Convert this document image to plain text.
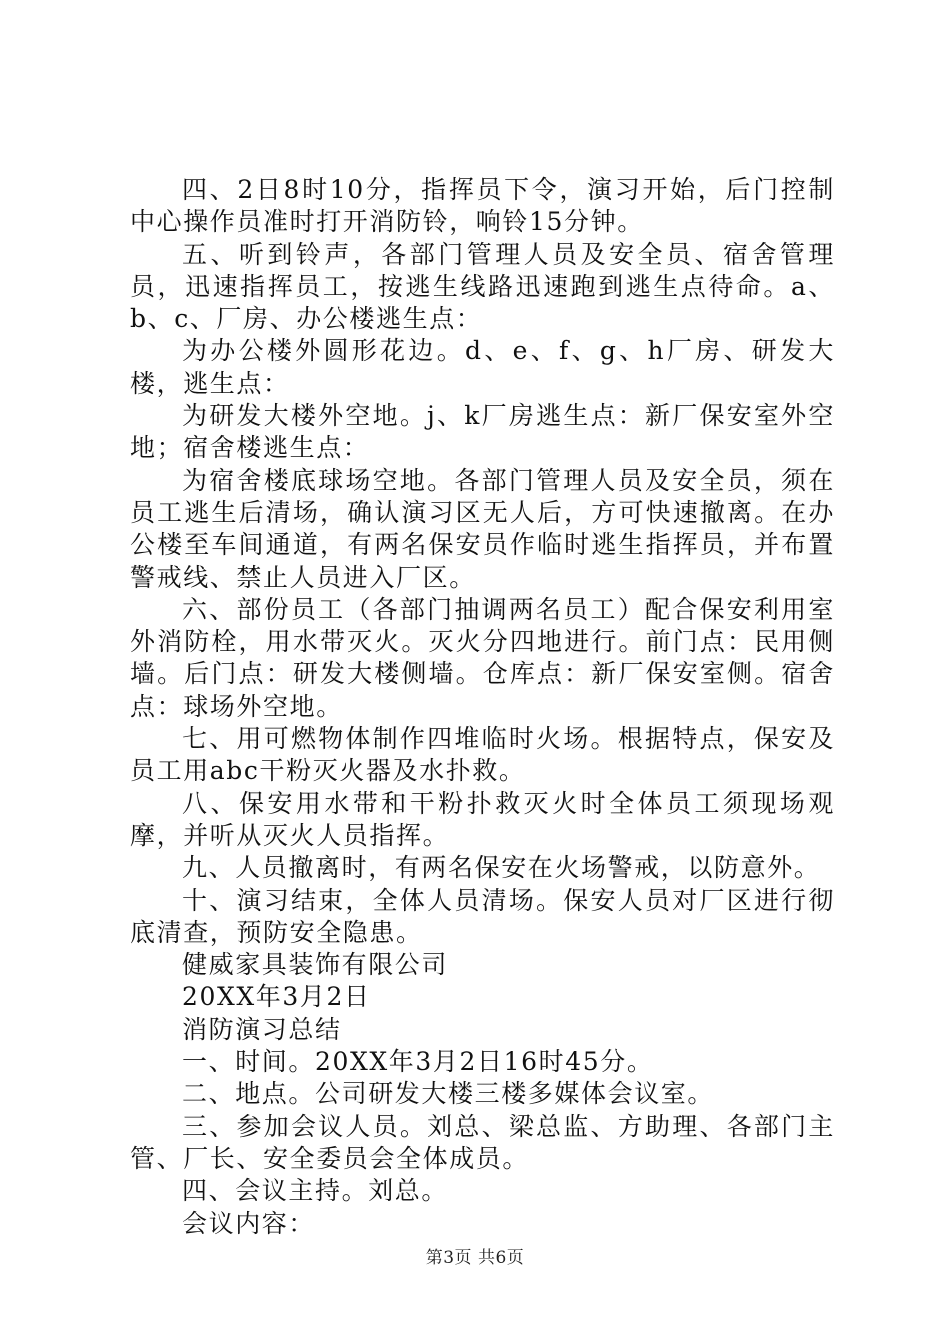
四、2日8时10分，指挥员下令，演习开始，后门控制中心操作员准时打开消防铃，响铃15分钟。

五、听到铃声，各部门管理人员及安全员、宿舍管理员，迅速指挥员工，按逃生线路迅速跑到逃生点待命。a、b、c、厂房、办公楼逃生点：

为办公楼外圆形花边。d、e、f、g、h厂房、研发大楼，逃生点：

为研发大楼外空地。j、k厂房逃生点：新厂保安室外空地；宿舍楼逃生点：

为宿舍楼底球场空地。各部门管理人员及安全员，须在员工逃生后清场，确认演习区无人后，方可快速撤离。在办公楼至车间通道，有两名保安员作临时逃生指挥员，并布置警戒线、禁止人员进入厂区。

六、部份员工（各部门抽调两名员工）配合保安利用室外消防栓，用水带灭火。灭火分四地进行。前门点：民用侧墙。后门点：研发大楼侧墙。仓库点：新厂保安室侧。宿舍点：球场外空地。

七、用可燃物体制作四堆临时火场。根据特点，保安及员工用abc干粉灭火器及水扑救。

八、保安用水带和干粉扑救灭火时全体员工须现场观摩，并听从灭火人员指挥。

九、人员撤离时，有两名保安在火场警戒，以防意外。

十、演习结束，全体人员清场。保安人员对厂区进行彻底清查，预防安全隐患。

健威家具装饰有限公司

20XX年3月2日

消防演习总结

一、时间。20XX年3月2日16时45分。

二、地点。公司研发大楼三楼多媒体会议室。

三、参加会议人员。刘总、梁总监、方助理、各部门主管、厂长、安全委员会全体成员。

四、会议主持。刘总。

会议内容：

第3页 共6页
